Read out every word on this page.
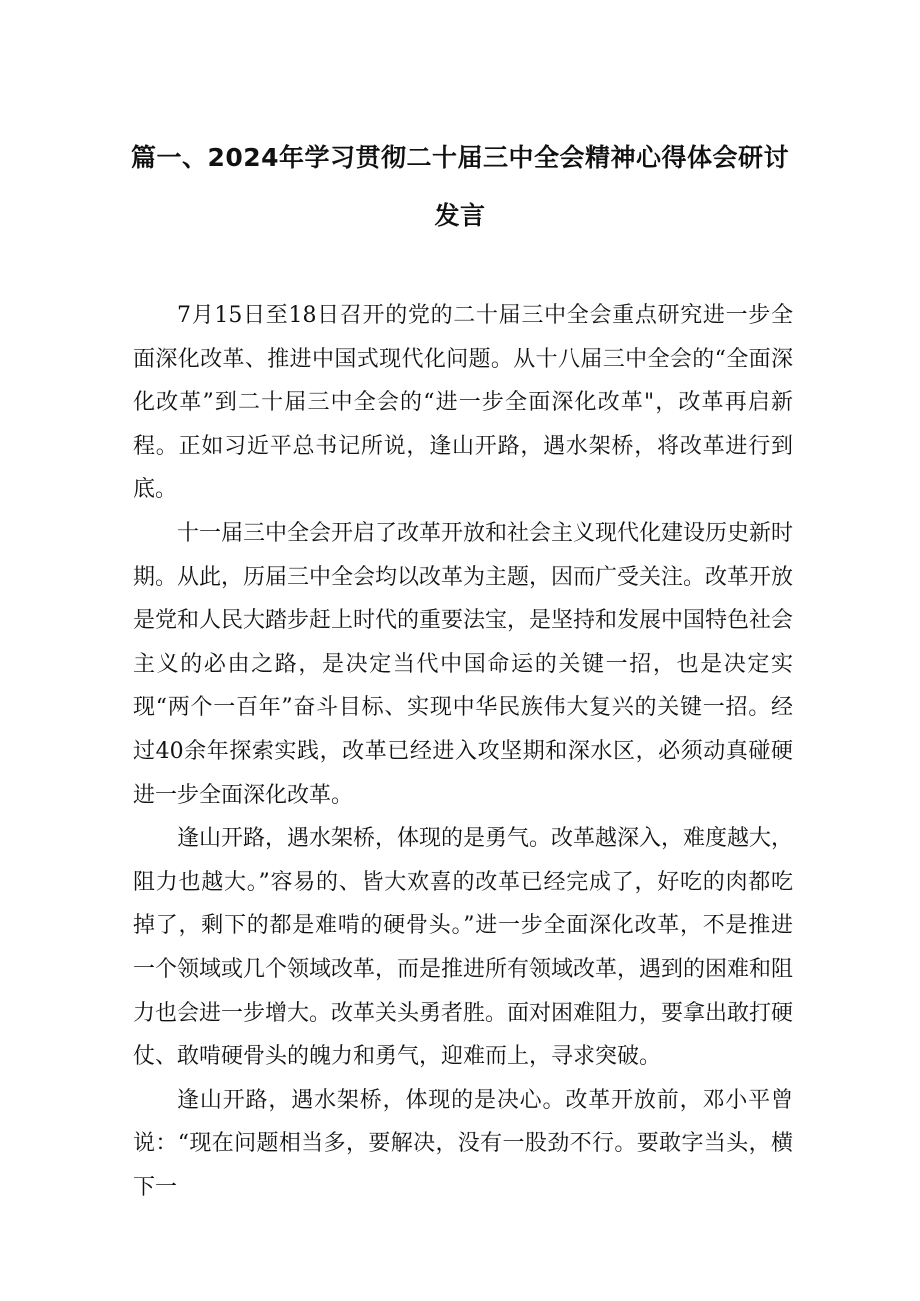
篇一、2024年学习贯彻二十届三中全会精神心得体会研讨
发言

7月15日至18日召开的党的二十届三中全会重点研究进一步全面深化改革、推进中国式现代化问题。从十八届三中全会的“全面深化改革”到二十届三中全会的“进一步全面深化改革"，改革再启新程。正如习近平总书记所说，逢山开路，遇水架桥，将改革进行到底。

十一届三中全会开启了改革开放和社会主义现代化建设历史新时期。从此，历届三中全会均以改革为主题，因而广受关注。改革开放是党和人民大踏步赶上时代的重要法宝，是坚持和发展中国特色社会主义的必由之路，是决定当代中国命运的关键一招，也是决定实现“两个一百年”奋斗目标、实现中华民族伟大复兴的关键一招。经过40余年探索实践，改革已经进入攻坚期和深水区，必须动真碰硬进一步全面深化改革。

逢山开路，遇水架桥，体现的是勇气。改革越深入，难度越大，阻力也越大。”容易的、皆大欢喜的改革已经完成了，好吃的肉都吃掉了，剩下的都是难啃的硬骨头。”进一步全面深化改革，不是推进一个领域或几个领域改革，而是推进所有领域改革，遇到的困难和阻力也会进一步增大。改革关头勇者胜。面对困难阻力，要拿出敢打硬仗、敢啃硬骨头的魄力和勇气，迎难而上，寻求突破。

逢山开路，遇水架桥，体现的是决心。改革开放前，邓小平曾说：“现在问题相当多，要解决，没有一股劲不行。要敢字当头，横下一
